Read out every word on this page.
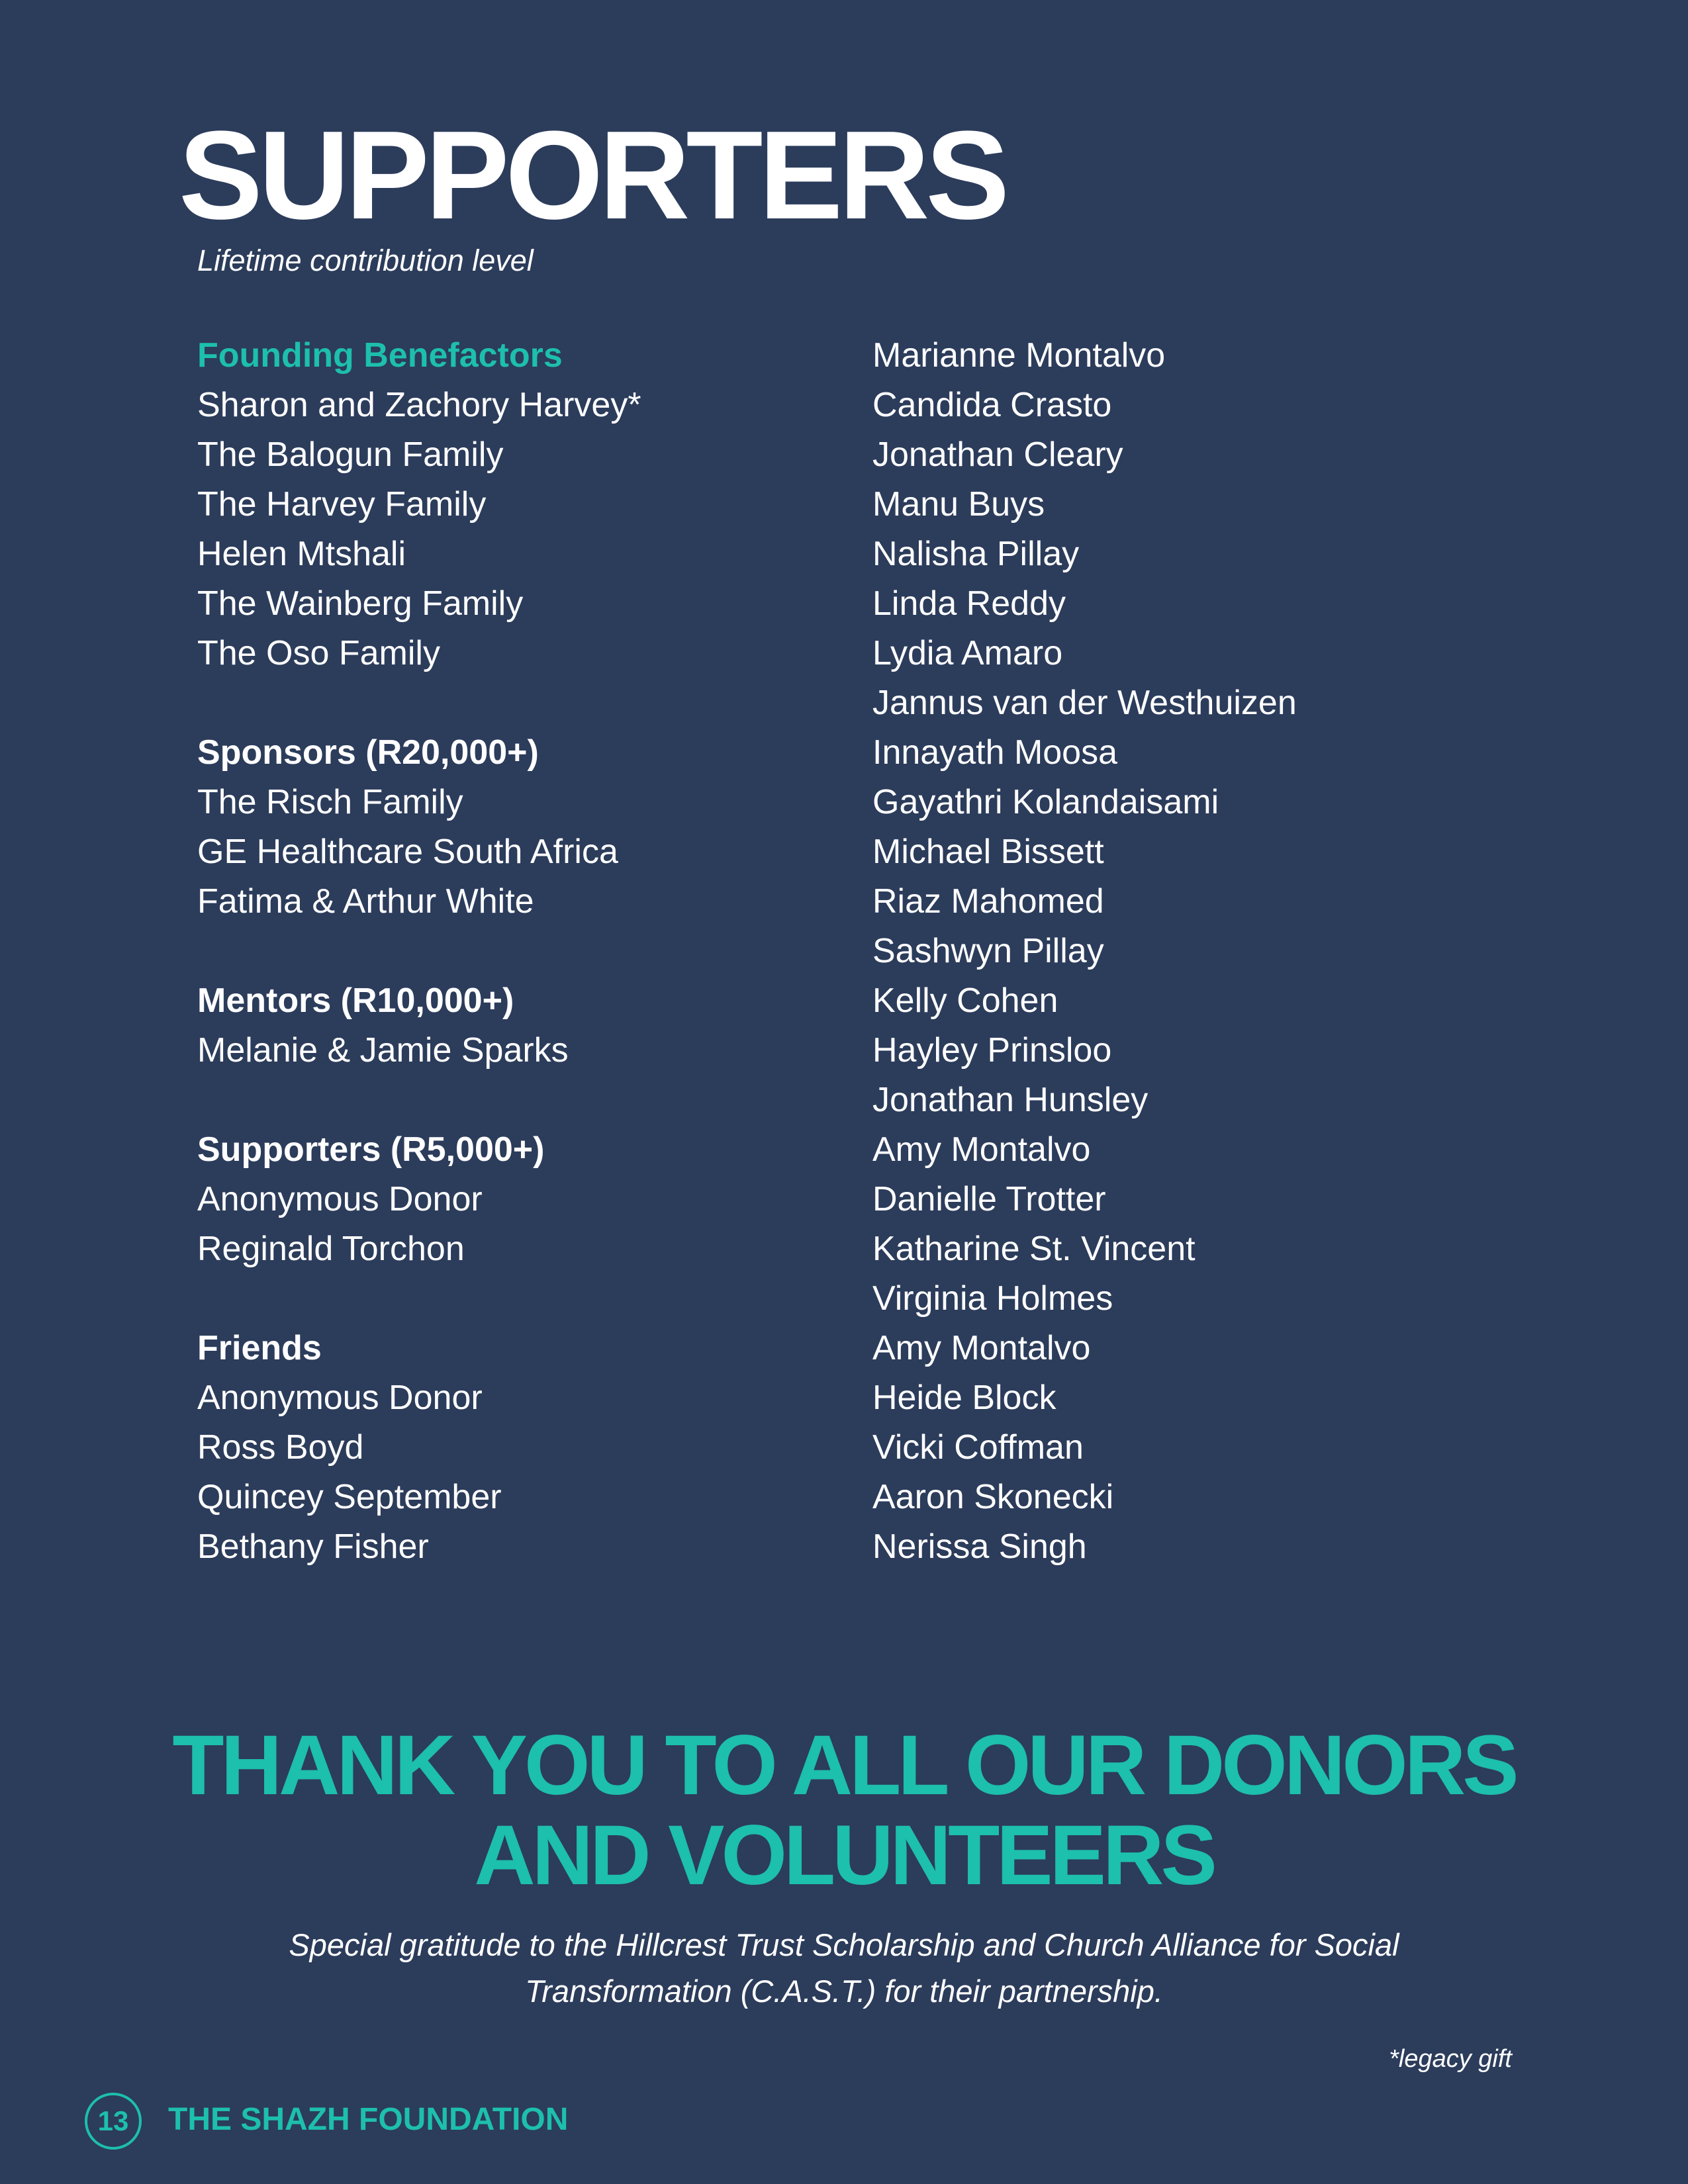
SUPPORTERS

Lifetime contribution level

Founding Benefactors
Sharon and Zachory Harvey*
The Balogun Family
The Harvey Family
Helen Mtshali
The Wainberg Family
The Oso Family
Sponsors (R20,000+)
The Risch Family
GE Healthcare South Africa
Fatima & Arthur White
Mentors (R10,000+)
Melanie & Jamie Sparks
Supporters (R5,000+)
Anonymous Donor
Reginald Torchon
Friends
Anonymous Donor
Ross Boyd
Quincey September
Bethany Fisher
Marianne Montalvo
Candida Crasto
Jonathan Cleary
Manu Buys
Nalisha Pillay
Linda Reddy
Lydia Amaro
Jannus van der Westhuizen
Innayath Moosa
Gayathri Kolandaisami
Michael Bissett
Riaz Mahomed
Sashwyn Pillay
Kelly Cohen
Hayley Prinsloo
Jonathan Hunsley
Amy Montalvo
Danielle Trotter
Katharine St. Vincent
Virginia Holmes
Amy Montalvo
Heide Block
Vicki Coffman
Aaron Skonecki
Nerissa Singh
THANK YOU TO ALL OUR DONORS
AND VOLUNTEERS

Special gratitude to the Hillcrest Trust Scholarship and Church Alliance for Social Transformation (C.A.S.T.) for their partnership.

*legacy gift
13	THE SHAZH FOUNDATION
